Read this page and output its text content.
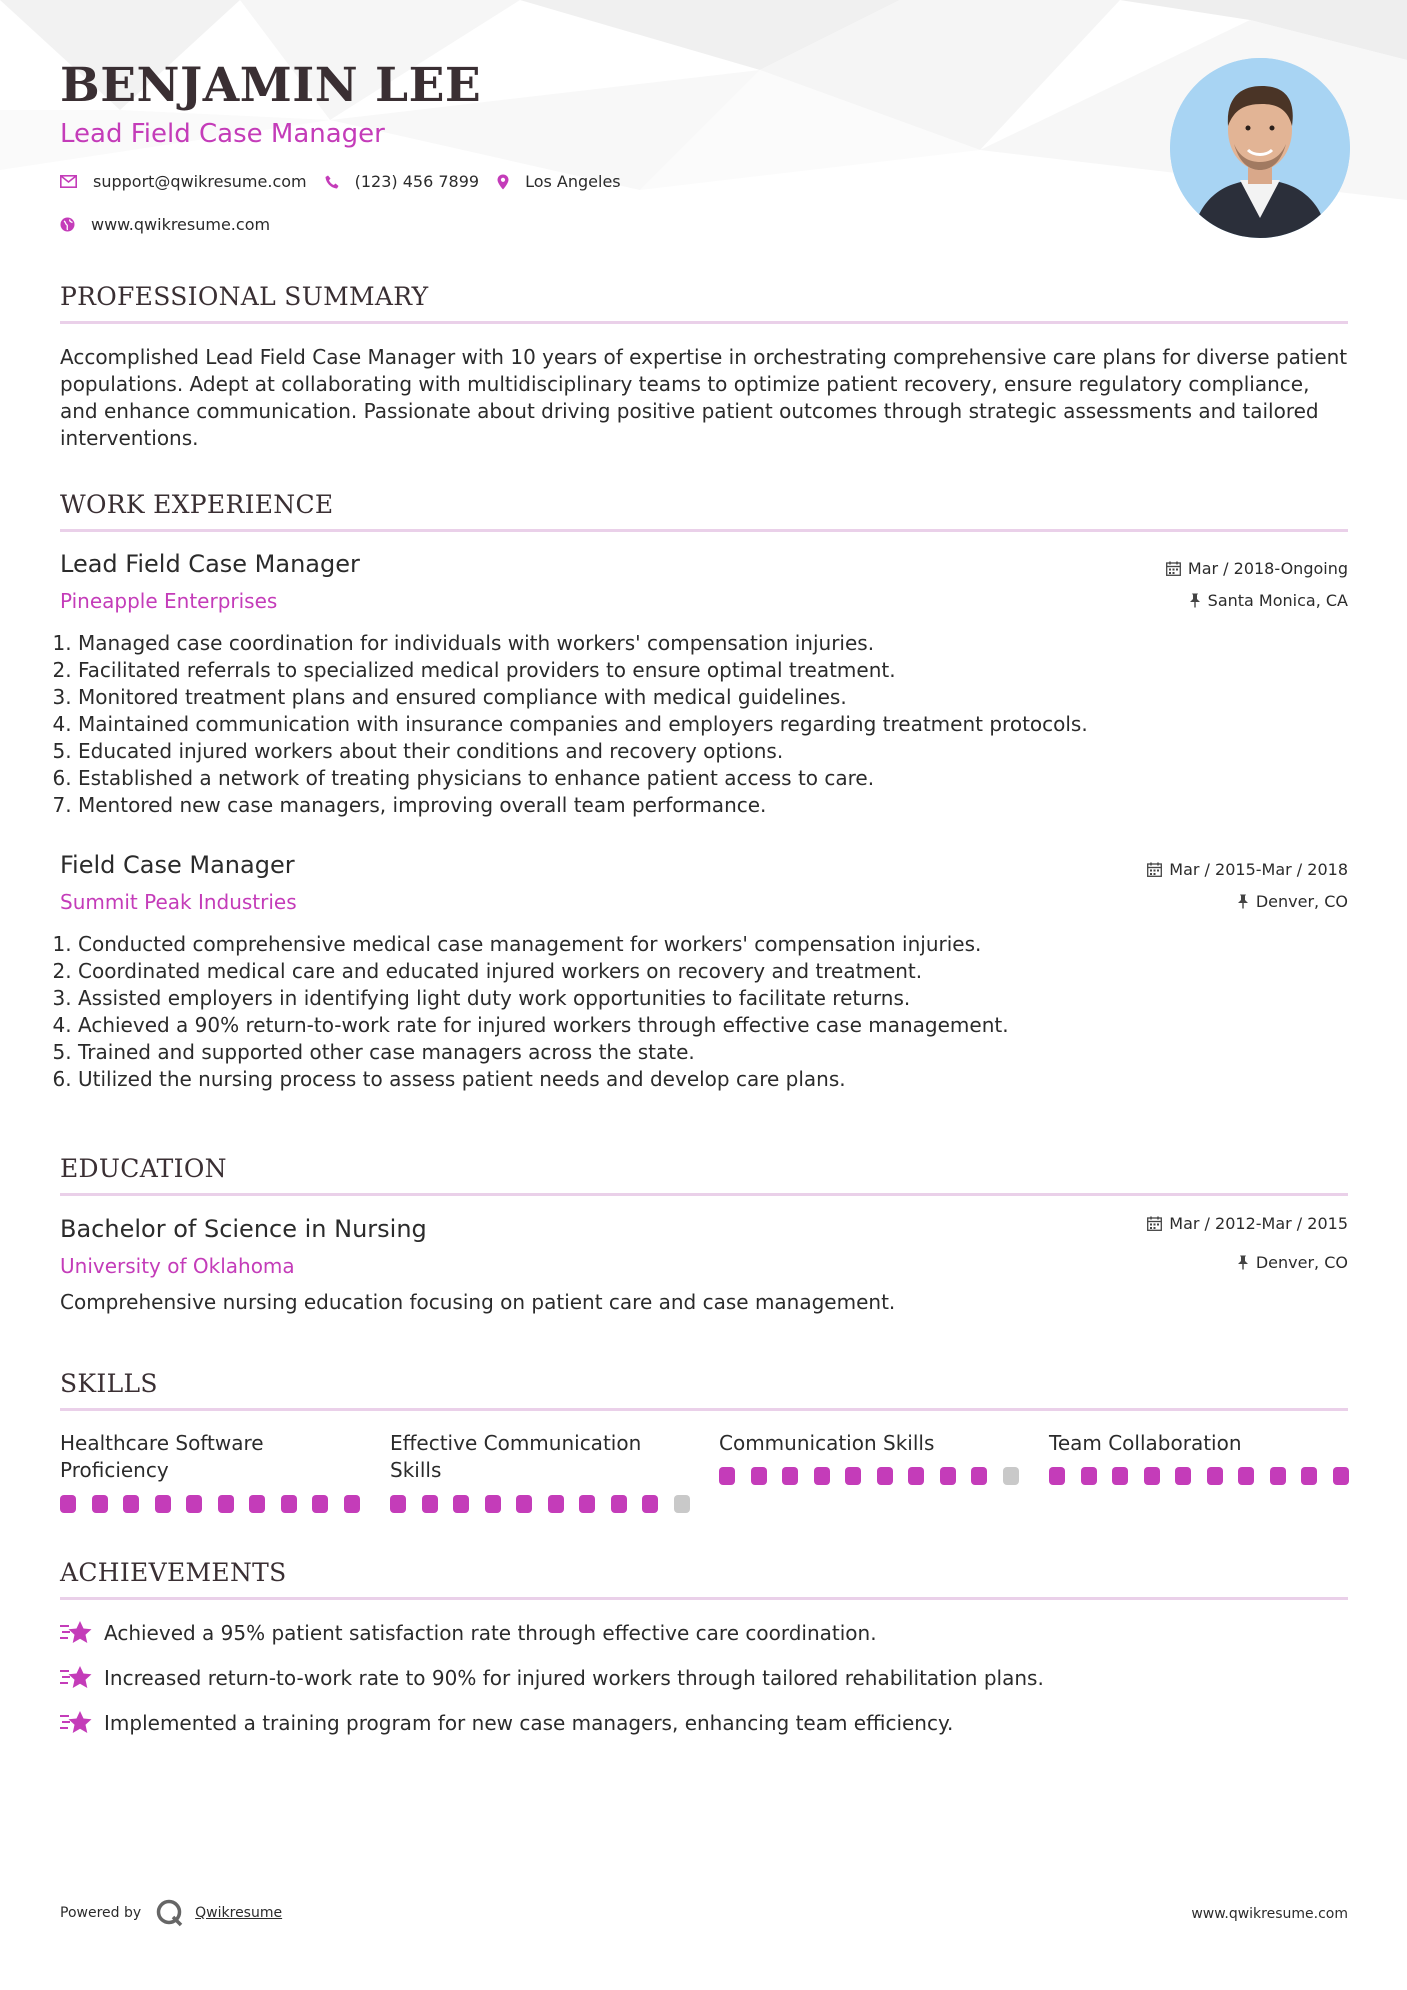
BENJAMIN LEE
Lead Field Case Manager
support@qwikresume.com	(123) 456 7899	Los Angeles
www.qwikresume.com
PROFESSIONAL SUMMARY
Accomplished Lead Field Case Manager with 10 years of expertise in orchestrating comprehensive care plans for diverse patient populations. Adept at collaborating with multidisciplinary teams to optimize patient recovery, ensure regulatory compliance, and enhance communication. Passionate about driving positive patient outcomes through strategic assessments and tailored interventions.
WORK EXPERIENCE
Lead Field Case Manager
Pineapple Enterprises
Mar / 2018-Ongoing
Santa Monica, CA
1. Managed case coordination for individuals with workers' compensation injuries.
2. Facilitated referrals to specialized medical providers to ensure optimal treatment.
3. Monitored treatment plans and ensured compliance with medical guidelines.
4. Maintained communication with insurance companies and employers regarding treatment protocols.
5. Educated injured workers about their conditions and recovery options.
6. Established a network of treating physicians to enhance patient access to care.
7. Mentored new case managers, improving overall team performance.
Field Case Manager
Summit Peak Industries
Mar / 2015-Mar / 2018
Denver, CO
1. Conducted comprehensive medical case management for workers' compensation injuries.
2. Coordinated medical care and educated injured workers on recovery and treatment.
3. Assisted employers in identifying light duty work opportunities to facilitate returns.
4. Achieved a 90% return-to-work rate for injured workers through effective case management.
5. Trained and supported other case managers across the state.
6. Utilized the nursing process to assess patient needs and develop care plans.
EDUCATION
Bachelor of Science in Nursing
University of Oklahoma
Mar / 2012-Mar / 2015
Denver, CO
Comprehensive nursing education focusing on patient care and case management.
SKILLS
Healthcare Software Proficiency
Effective Communication Skills
Communication Skills	Team Collaboration
ACHIEVEMENTS
Achieved a 95% patient satisfaction rate through effective care coordination.
Increased return-to-work rate to 90% for injured workers through tailored rehabilitation plans.
Implemented a training program for new case managers, enhancing team efficiency.
Powered by	Qwikresume	www.qwikresume.com
